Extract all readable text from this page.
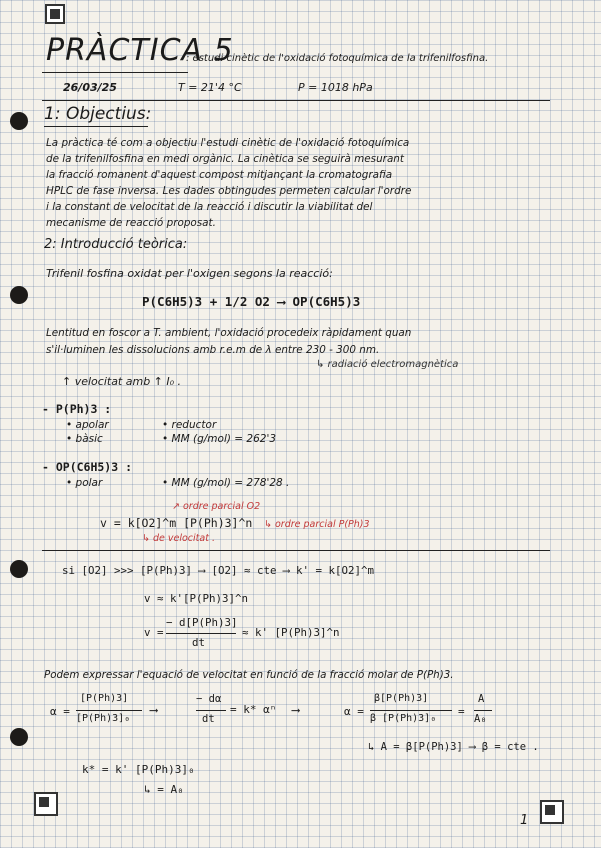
PRÀCTICA 5
: estudi cinètic de l'oxidació fotoquímica de la trifenilfosfina.
26/03/25	T = 21'4 °C	P = 1018 hPa
1: Objectius:
La pràctica té com a objectiu l'estudi cinètic de l'oxidació fotoquímica
de la trifenilfosfina en medi orgànic. La cinètica se seguirà mesurant
la fracció romanent d'aquest compost mitjançant la cromatografia
HPLC de fase inversa. Les dades obtingudes permeten calcular l'ordre
i la constant de velocitat de la reacció i discutir la viabilitat del
mecanisme de reacció proposat.
2: Introducció teòrica:
Trifenil fosfina oxidat per l'oxigen segons la reacció:
P(C6H5)3 + 1/2 O2 ⟶ OP(C6H5)3
Lentitud en foscor a T. ambient, l'oxidació procedeix ràpidament quan
s'il·luminen les dissolucions amb r.e.m de λ entre 230 - 300 nm.
↳ radiació electromagnètica
↑ velocitat amb ↑ I₀ .
- P(Ph)3 :
• apolar
• bàsic
• reductor
• MM (g/mol) = 262'3
- OP(C6H5)3 :
• polar	• MM (g/mol) = 278'28 .
↗ ordre parcial O2
v = k[O2]^m [P(Ph)3]^n ↳ ordre parcial P(Ph)3
↳ de velocitat .
si [O2] >>> [P(Ph)3] ⟶ [O2] ≈ cte ⟶ k' = k[O2]^m
v ≈ k'[P(Ph)3]^n
v =
− d[P(Ph)3]
dt
≈ k' [P(Ph)3]^n
Podem expressar l'equació de velocitat en funció de la fracció molar de P(Ph)3.
α =
[P(Ph)3]
[P(Ph)3]₀
⟶
− dα
dt
= k* αⁿ ⟶	α =
β[P(Ph)3]
β [P(Ph)3]₀
=
A
A₀
↳ A = β[P(Ph)3] ⟶ β = cte .
k* = k' [P(Ph)3]₀
↳ = A₀
1
